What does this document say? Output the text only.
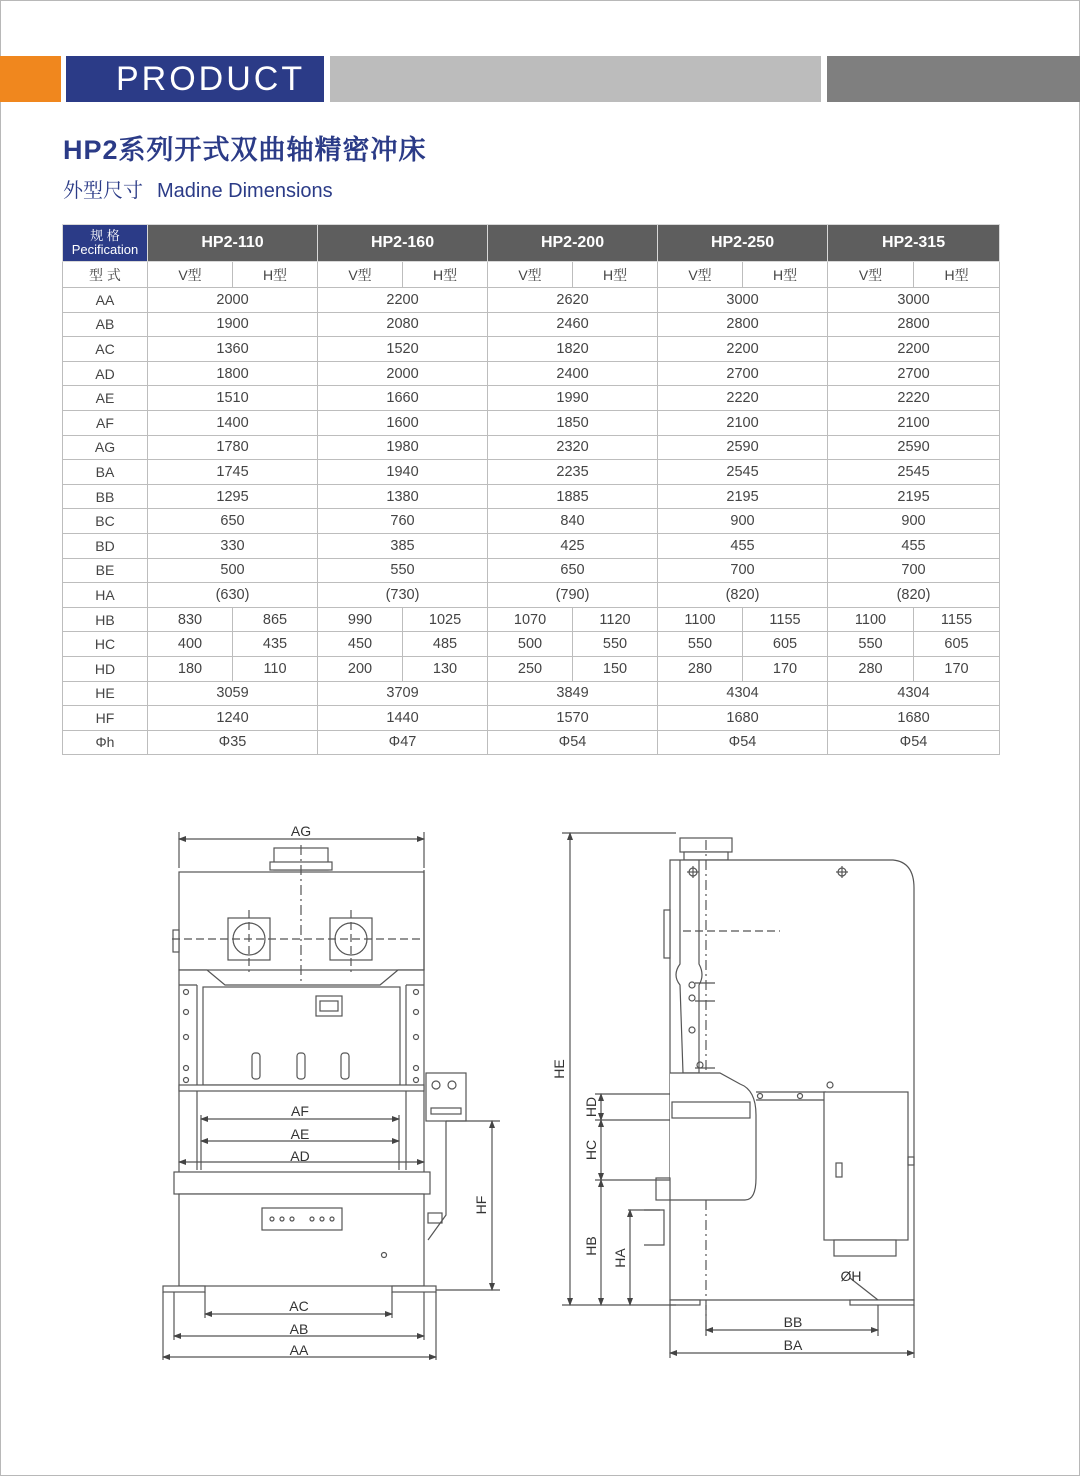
PRODUCT
HP2系列开式双曲轴精密冲床
外型尺寸 Madine Dimensions
规 格
Pecification	HP2-110		HP2-160		HP2-200		HP2-250		HP2-315	
型 式	V型	H型	V型	H型	V型	H型	V型	H型	V型	H型
AA	2000		2200		2620		3000		3000	
AB	1900		2080		2460		2800		2800	
AC	1360		1520		1820		2200		2200	
AD	1800		2000		2400		2700		2700	
AE	1510		1660		1990		2220		2220	
AF	1400		1600		1850		2100		2100	
AG	1780		1980		2320		2590		2590	
BA	1745		1940		2235		2545		2545	
BB	1295		1380		1885		2195		2195	
BC	650		760		840		900		900	
BD	330		385		425		455		455	
BE	500		550		650		700		700	
HA	(630)		(730)		(790)		(820)		(820)	
HB	830	865	990	1025	1070	1120	1100	1155	1100	1155
HC	400	435	450	485	500	550	550	605	550	605
HD	180	110	200	130	250	150	280	170	280	170
HE	3059		3709		3849		4304		4304	
HF	1240		1440		1570		1680		1680	
Φh	Φ35		Φ47		Φ54		Φ54		Φ54	
AG
AF
AE
AD
AC
AB
AA
HF
HE
HD
HC
HB
HA
BB
BA
ØH
